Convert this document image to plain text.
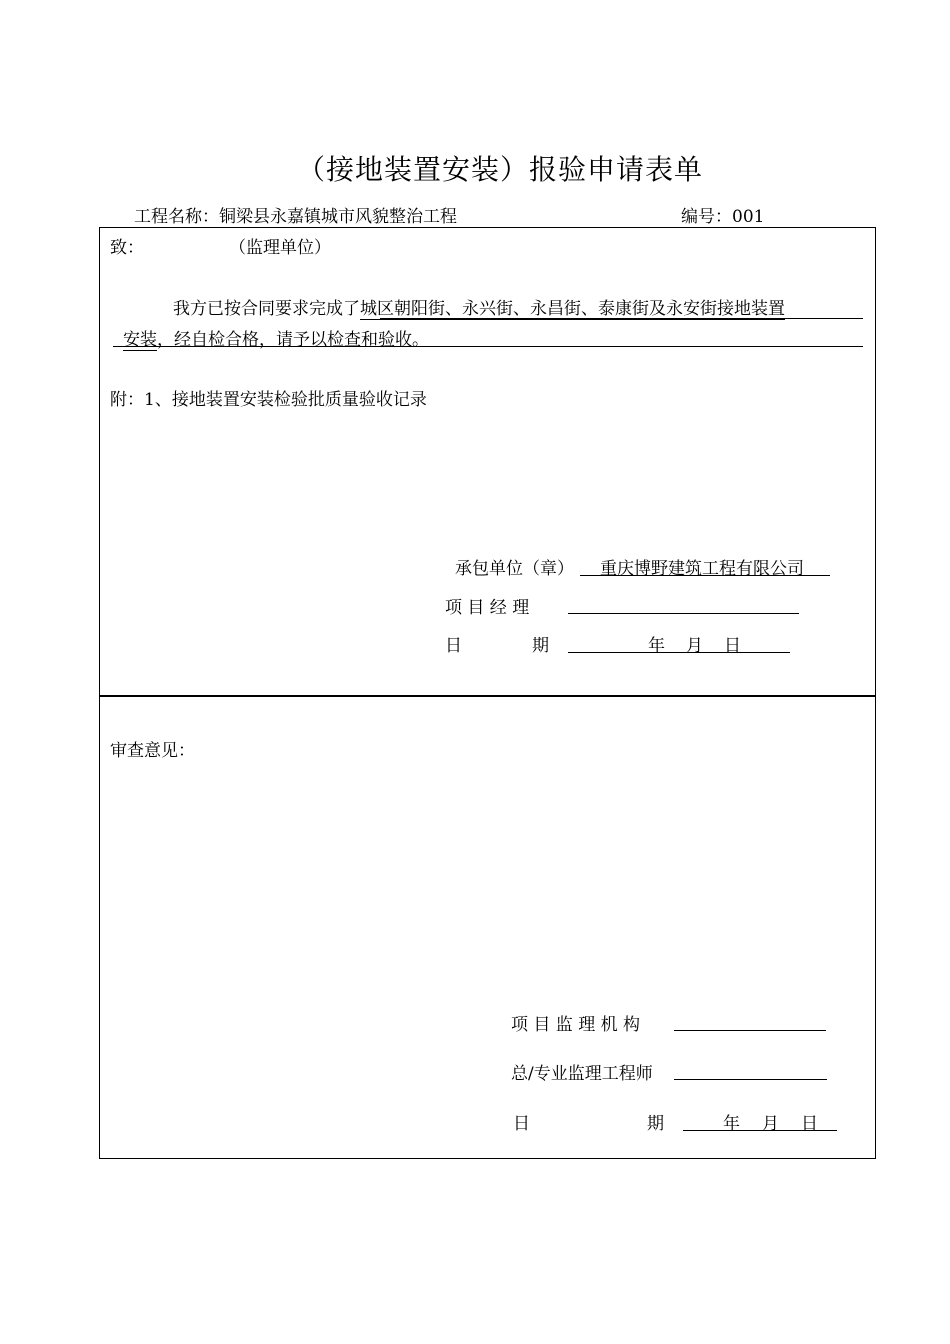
（接地装置安装）报验申请表单
工程名称：铜梁县永嘉镇城市风貌整治工程	编号：001
致：	（监理单位）
我方已按合同要求完成了城区朝阳街、永兴街、永昌街、泰康街及永安街接地装置
安装，经自检合格，请予以检查和验收。
附：1、接地装置安装检验批质量验收记录
承包单位（章） 重庆博野建筑工程有限公司
项 目 经 理
日	期	年 月 日
审查意见：
项 目 监 理 机 构
总/专业监理工程师
日	期	年 月 日
